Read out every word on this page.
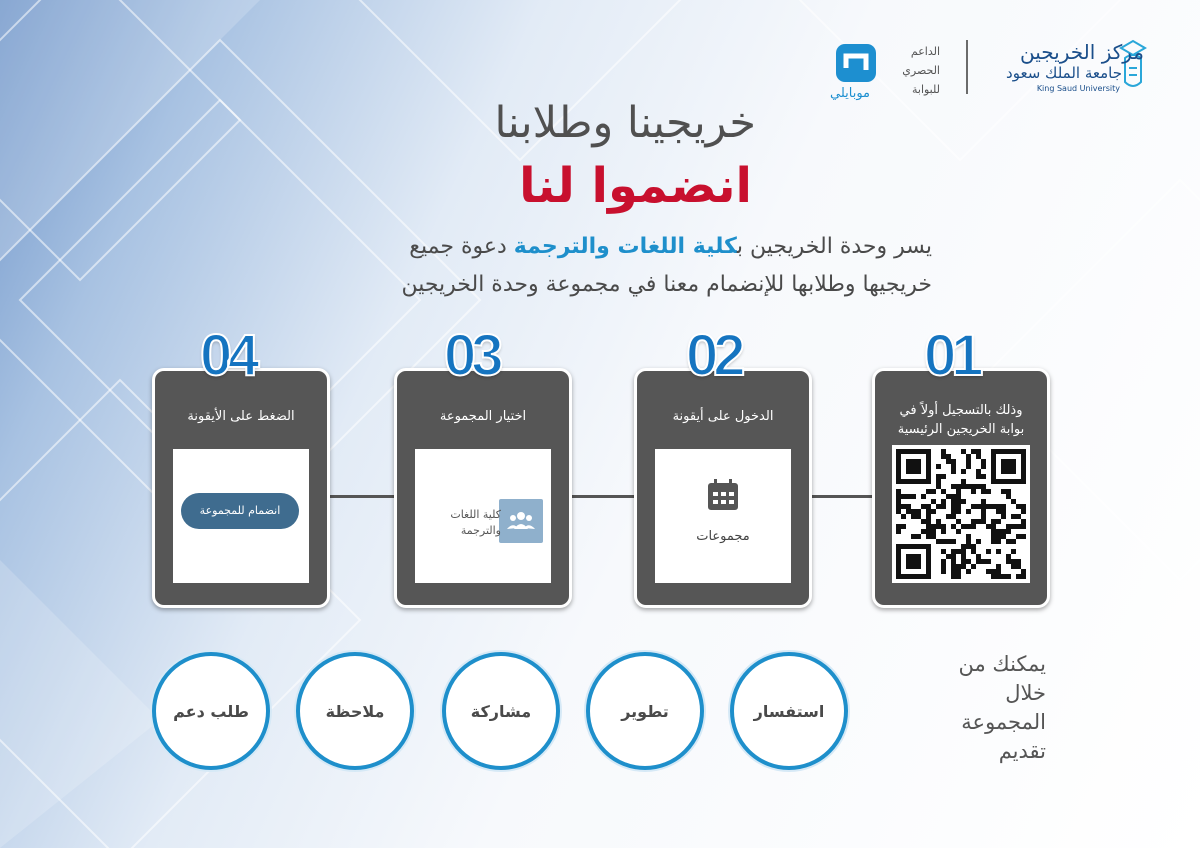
مركز الخريجين
جامعة الملك سعود
King Saud University
الداعم
الحصري
للبوابة
موبايلي
خريجينا وطلابنا
انضموا لنا
يسر وحدة الخريجين بكلية اللغات والترجمة دعوة جميع
خريجيها وطلابها للإنضمام معنا في مجموعة وحدة الخريجين
الضغط على الأيقونة
انضمام للمجموعة
04
اختيار المجموعة
كلية اللغات
والترجمة
03
الدخول على أيقونة
مجموعات
02
وذلك بالتسجيل أولاً في
بوابة الخريجين الرئيسية
01
طلب دعم	ملاحظة	مشاركة	تطوير	استفسار
يمكنك من
خلال
المجموعة
تقديم
